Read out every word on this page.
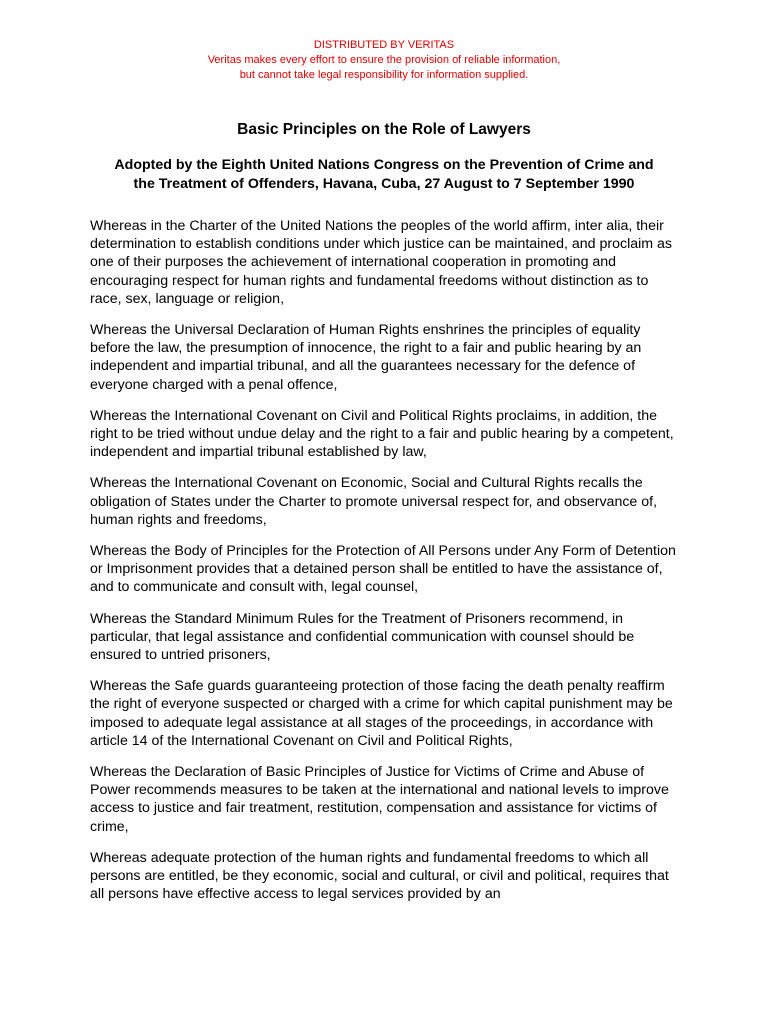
DISTRIBUTED BY VERITAS
Veritas makes every effort to ensure the provision of reliable information,
but cannot take legal responsibility for information supplied.
Basic Principles on the Role of Lawyers
Adopted by the Eighth United Nations Congress on the Prevention of Crime and
the Treatment of Offenders, Havana, Cuba, 27 August to 7 September 1990

Whereas in the Charter of the United Nations the peoples of the world affirm, inter alia, their determination to establish conditions under which justice can be maintained, and proclaim as one of their purposes the achievement of international cooperation in promoting and encouraging respect for human rights and fundamental freedoms without distinction as to race, sex, language or religion,

Whereas the Universal Declaration of Human Rights enshrines the principles of equality before the law, the presumption of innocence, the right to a fair and public hearing by an independent and impartial tribunal, and all the guarantees necessary for the defence of everyone charged with a penal offence,

Whereas the International Covenant on Civil and Political Rights proclaims, in addition, the right to be tried without undue delay and the right to a fair and public hearing by a competent, independent and impartial tribunal established by law,

Whereas the International Covenant on Economic, Social and Cultural Rights recalls the obligation of States under the Charter to promote universal respect for, and observance of, human rights and freedoms,

Whereas the Body of Principles for the Protection of All Persons under Any Form of Detention or Imprisonment provides that a detained person shall be entitled to have the assistance of, and to communicate and consult with, legal counsel,

Whereas the Standard Minimum Rules for the Treatment of Prisoners recommend, in particular, that legal assistance and confidential communication with counsel should be ensured to untried prisoners,

Whereas the Safe guards guaranteeing protection of those facing the death penalty reaffirm the right of everyone suspected or charged with a crime for which capital punishment may be imposed to adequate legal assistance at all stages of the proceedings, in accordance with article 14 of the International Covenant on Civil and Political Rights,

Whereas the Declaration of Basic Principles of Justice for Victims of Crime and Abuse of Power recommends measures to be taken at the international and national levels to improve access to justice and fair treatment, restitution, compensation and assistance for victims of crime,

Whereas adequate protection of the human rights and fundamental freedoms to which all persons are entitled, be they economic, social and cultural, or civil and political, requires that all persons have effective access to legal services provided by an
